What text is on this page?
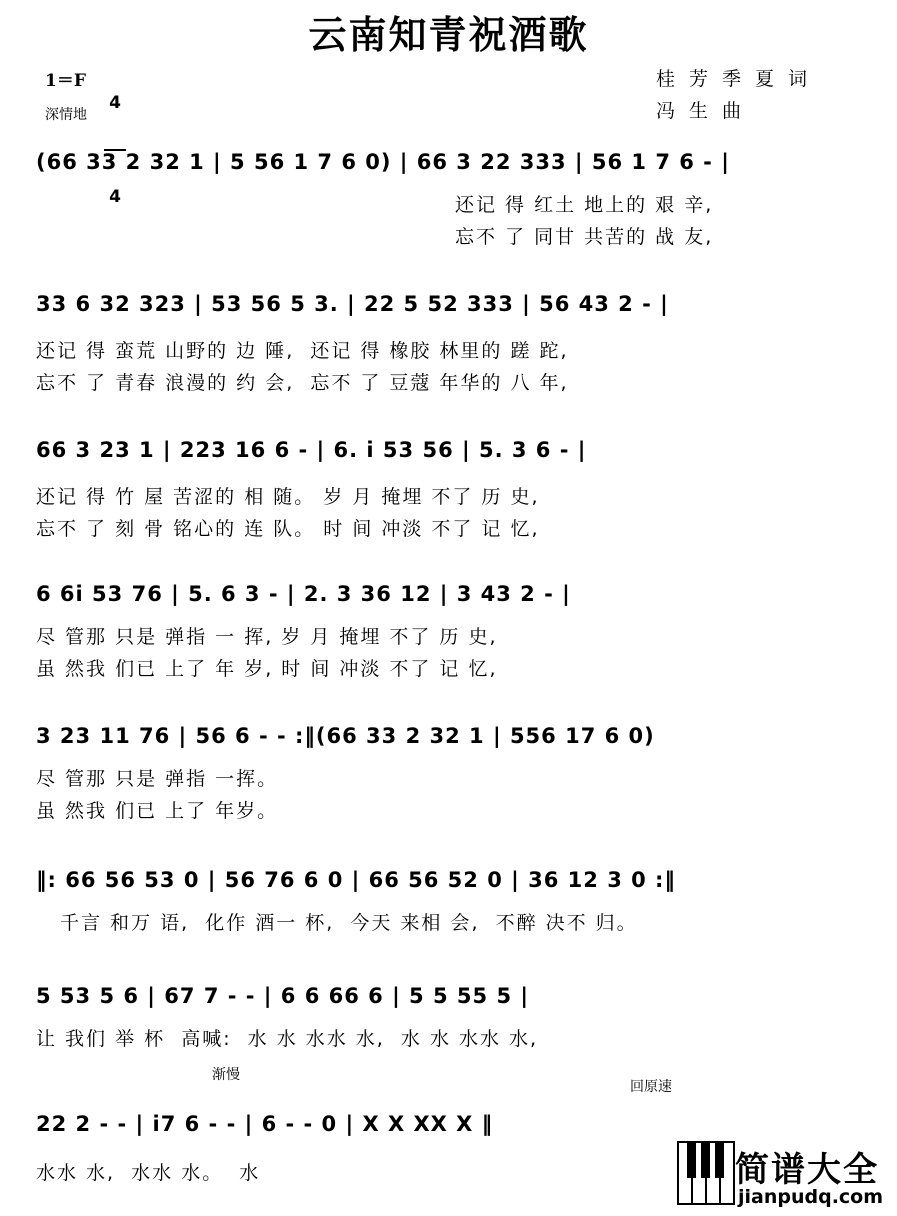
云南知青祝酒歌
1＝F

4

4

深情地
桂芳季夏词
冯生曲
(66 33 2 32 1 | 5 56 1 7 6 0) | 66 3 22 333 | 56 1 7 6 - |
还记 得 红土 地上的 艰 辛,
忘不 了 同甘 共苦的 战 友,
33 6 32 323 | 53 56 5 3. | 22 5 52 333 | 56 43 2 - |
还记 得 蛮荒 山野的 边 陲,  还记 得 橡胶 林里的 蹉 跎,
忘不 了 青春 浪漫的 约 会,  忘不 了 豆蔻 年华的 八 年,
66 3 23 1 | 223 16 6 - | 6. i 53 56 | 5. 3 6 - |
还记 得 竹 屋 苦涩的 相 随。 岁 月 掩埋 不了 历 史,
忘不 了 刻 骨 铭心的 连 队。 时 间 冲淡 不了 记 忆,
6 6i 53 76 | 5. 6 3 - | 2. 3 36 12 | 3 43 2 - |
尽 管那 只是 弹指 一 挥, 岁 月 掩埋 不了 历 史,
虽 然我 们已 上了 年 岁, 时 间 冲淡 不了 记 忆,
3 23 11 76 | 56 6 - - :‖(66 33 2 32 1 | 556 17 6 0)
尽 管那 只是 弹指 一挥。
虽 然我 们已 上了 年岁。
‖: 66 56 53 0 | 56 76 6 0 | 66 56 52 0 | 36 12 3 0 :‖
千言 和万 语,  化作 酒一 杯,  今天 来相 会,  不醉 决不 归。
5 53 5 6 | 67 7 - - | 6 6 66 6 | 5 5 55 5 |
让 我们 举 杯  高喊:  水 水 水水 水,  水 水 水水 水,
渐慢
回原速
22 2 - - | i7 6 - - | 6 - - 0 | X X XX X ‖
水水 水,  水水 水。  水	简谱大全
jianpudq.com
